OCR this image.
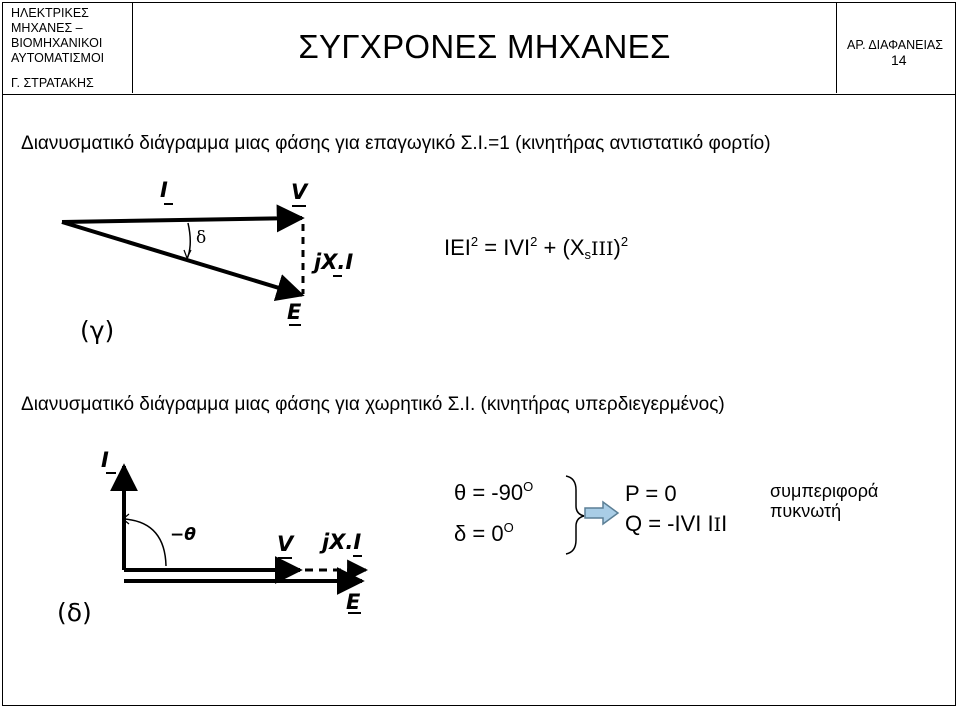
ΗΛΕΚΤΡΙΚΕΣ
ΜΗΧΑΝΕΣ –
ΒΙΟΜΗΧΑΝΙΚΟΙ
ΑΥΤΟΜΑΤΙΣΜΟΙ
Γ. ΣΤΡΑΤΑΚΗΣ
ΣΥΓΧΡΟΝΕΣ ΜΗΧΑΝΕΣ	ΑΡ. ΔΙΑΦΑΝΕΙΑΣ
14
Διανυσματικό διάγραμμα μιας φάσης για επαγωγικό Σ.Ι.=1 (κινητήρας αντιστατικό φορτίο)
I	V
δ
jX.I
E
(γ)
$IEI^2 = IVI^2 + (X_sIII)^2$
Διανυσματικό διάγραμμα μιας φάσης για χωρητικό Σ.Ι. (κινητήρας υπερδιεγερμένος)
I
−θ	V jX.I
E
(δ)
$\theta = -90^O$
$\delta = 0^O$
P = 0
Q = -ΙVΙ ΙIΙ
συμπεριφορά
πυκνωτή
